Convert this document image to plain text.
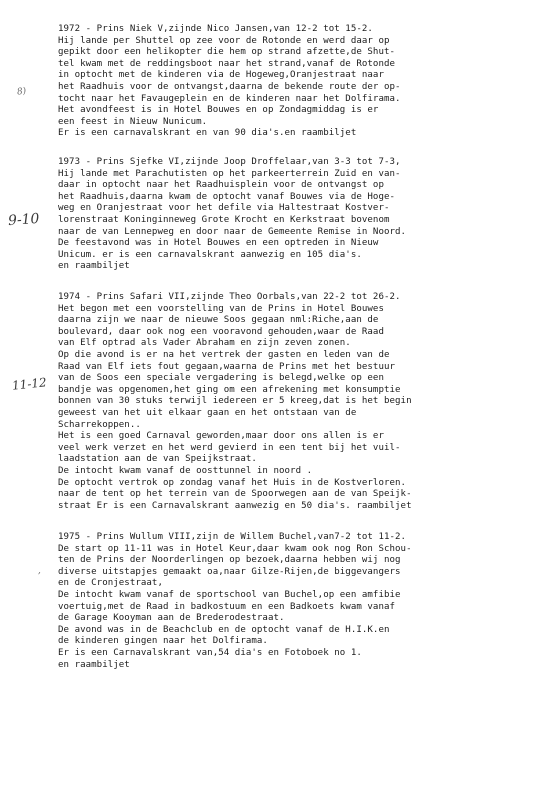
1972 - Prins Niek V,zijnde Nico Jansen,van 12-2 tot 15-2.
Hij lande per Shuttel op zee voor de Rotonde en werd daar op
gepikt door een helikopter die hem op strand afzette,de Shut-
tel kwam met de reddingsboot naar het strand,vanaf de Rotonde
in optocht met de kinderen via de Hogeweg,Oranjestraat naar
het Raadhuis voor de ontvangst,daarna de bekende route der op-
tocht naar het Favaugeplein en de kinderen naar het Dolfirama.
Het avondfeest is in Hotel Bouwes en op Zondagmiddag is er
een feest in Nieuw Nunicum.
Er is een carnavalskrant en van 90 dia's.en raambiljet
1973 - Prins Sjefke VI,zijnde Joop Droffelaar,van 3-3 tot 7-3,
Hij lande met Parachutisten op het parkeerterrein Zuid en van-
daar in optocht naar het Raadhuisplein voor de ontvangst op
het Raadhuis,daarna kwam de optocht vanaf Bouwes via de Hoge-
weg en Oranjestraat voor het defile via Haltestraat Kostver-
lorenstraat Koninginneweg Grote Krocht en Kerkstraat bovenom
naar de van Lennepweg en door naar de Gemeente Remise in Noord.
De feestavond was in Hotel Bouwes en een optreden in Nieuw
Unicum. er is een carnavalskrant aanwezig en 105 dia's.
en raambiljet
1974 - Prins Safari VII,zijnde Theo Oorbals,van 22-2 tot 26-2.
Het begon met een voorstelling van de Prins in Hotel Bouwes
daarna zijn we naar de nieuwe Soos gegaan nml:Riche,aan de
boulevard, daar ook nog een vooravond gehouden,waar de Raad
van Elf optrad als Vader Abraham en zijn zeven zonen.
Op die avond is er na het vertrek der gasten en leden van de
Raad van Elf iets fout gegaan,waarna de Prins met het bestuur
van de Soos een speciale vergadering is belegd,welke op een
bandje was opgenomen,het ging om een afrekening met konsumptie
bonnen van 30 stuks terwijl iedereen er 5 kreeg,dat is het begin
geweest van het uit elkaar gaan en het ontstaan van de
Scharrekoppen..
Het is een goed Carnaval geworden,maar door ons allen is er
veel werk verzet en het werd gevierd in een tent bij het vuil-
laadstation aan de van Speijkstraat.
De intocht kwam vanaf de oosttunnel in noord .
De optocht vertrok op zondag vanaf het Huis in de Kostverloren.
naar de tent op het terrein van de Spoorwegen aan de van Speijk-
straat Er is een Carnavalskrant aanwezig en 50 dia's. raambiljet
1975 - Prins Wullum VIII,zijn de Willem Buchel,van7-2 tot 11-2.
De start op 11-11 was in Hotel Keur,daar kwam ook nog Ron Schou-
ten de Prins der Noorderlingen op bezoek,daarna hebben wij nog
diverse uitstapjes gemaakt oa,naar Gilze-Rijen,de biggevangers
en de Cronjestraat,
De intocht kwam vanaf de sportschool van Buchel,op een amfibie
voertuig,met de Raad in badkostuum en een Badkoets kwam vanaf
de Garage Kooyman aan de Brederodestraat.
De avond was in de Beachclub en de optocht vanaf de H.I.K.en
de kinderen gingen naar het Dolfirama.
Er is een Carnavalskrant van,54 dia's en Fotoboek no 1.
en raambiljet
8)
9-10
11-12
,
